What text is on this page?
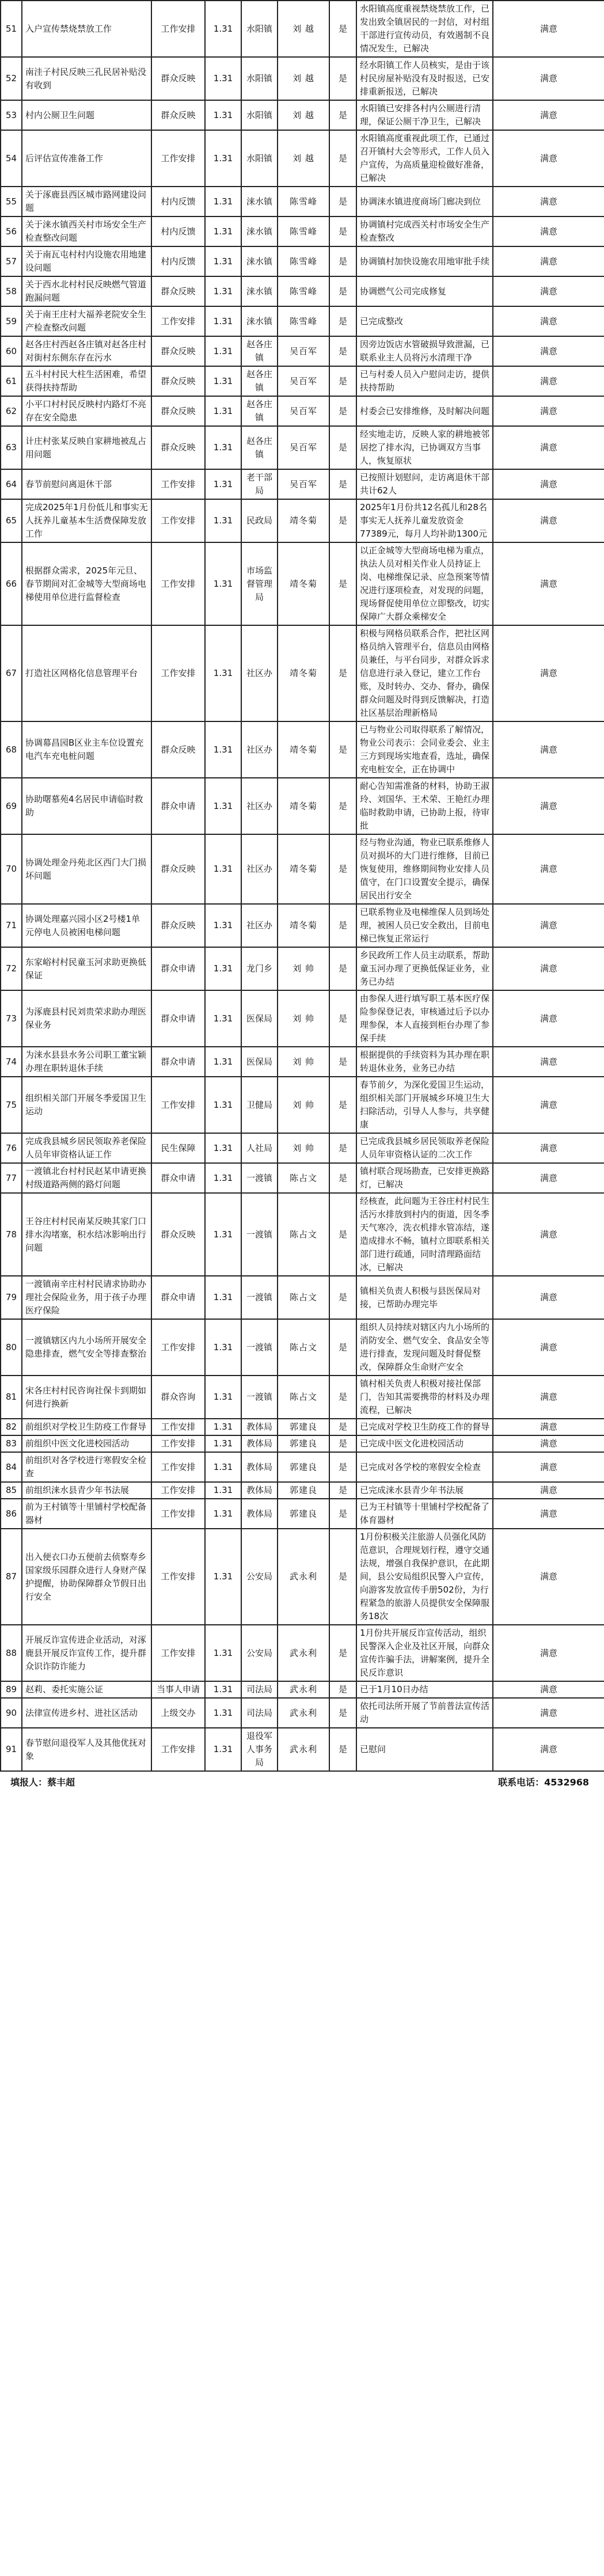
51	入户宣传禁烧禁放工作	工作安排	1.31	水阳镇	刘 越	是	水阳镇高度重视禁烧禁放工作，已发出致全镇居民的一封信，对村组干部进行宣传动员，有效遏制不良情况发生，已解决	满意
52	南洼子村民反映三孔民居补贴没有收到	群众反映	1.31	水阳镇	刘 越	是	经水阳镇工作人员核实，是由于该村民房屋补贴没有及时报送，已安排重新报送，已解决	满意
53	村内公厕卫生问题	群众反映	1.31	水阳镇	刘 越	是	水阳镇已安排各村内公厕进行清理，保证公厕干净卫生，已解决	满意
54	后评估宣传准备工作	工作安排	1.31	水阳镇	刘 越	是	水阳镇高度重视此项工作，已通过召开镇村大会等形式，工作人员入户宣传，为高质量迎检做好准备，已解决	满意
55	关于涿鹿县西区城市路网建设问题	村内反馈	1.31	涞水镇	陈雪峰	是	协调涞水镇进度商场门廊决到位	满意
56	关于涞水镇西关村市场安全生产检查整改问题	村内反馈	1.31	涞水镇	陈雪峰	是	协调镇村完成西关村市场安全生产检查整改	满意
57	关于南瓦屯村村内设施农用地建设问题	村内反馈	1.31	涞水镇	陈雪峰	是	协调镇村加快设施农用地审批手续	满意
58	关于西水北村村民反映燃气管道跑漏问题	群众反映	1.31	涞水镇	陈雪峰	是	协调燃气公司完成修复	满意
59	关于南王庄村大福养老院安全生产检查整改问题	工作安排	1.31	涞水镇	陈雪峰	是	已完成整改	满意
60	赵各庄村西赵各庄镇对赵各庄村对街村东侧东存在污水	群众反映	1.31	赵各庄镇	吴百军	是	因旁边饭店水管破损导致泄漏，已联系业主人员将污水清理干净	满意
61	五斗村村民大柱生活困难，希望获得扶持帮助	群众反映	1.31	赵各庄镇	吴百军	是	已与村委人员入户慰问走访，提供扶持帮助	满意
62	小平口村村民反映村内路灯不亮存在安全隐患	群众反映	1.31	赵各庄镇	吴百军	是	村委会已安排维修，及时解决问题	满意
63	计庄村张某反映自家耕地被乱占用问题	群众反映	1.31	赵各庄镇	吴百军	是	经实地走访，反映人家的耕地被邻居挖了排水沟，已协调双方当事人，恢复原状	满意
64	春节前慰问离退休干部	工作安排	1.31	老干部局	吴百军	是	已按照计划慰问，走访离退休干部共计62人	满意
65	完成2025年1月份低儿和事实无人抚养儿童基本生活费保障发放工作	工作安排	1.31	民政局	靖冬菊	是	2025年1月份共12名孤儿和28名事实无人抚养儿童发放资金77389元，每月人均补助1300元	满意
66	根据群众需求，2025年元旦、春节期间对汇金城等大型商场电梯使用单位进行监督检查	工作安排	1.31	市场监督管理局	靖冬菊	是	以正金城等大型商场电梯为重点，执法人员对相关作业人员持证上岗、电梯维保记录、应急预案等情况进行逐项检查，对发现的问题，现场督促使用单位立即整改，切实保障广大群众乘梯安全	满意
67	打造社区网格化信息管理平台	工作安排	1.31	社区办	靖冬菊	是	积极与网格员联系合作，把社区网格员纳入管理平台，信息员由网格员兼任，与平台同步，对群众诉求信息进行录入登记，建立工作台账，及时转办、交办、督办，确保群众问题及时得到反馈解决，打造社区基层治理新格局	满意
68	协调幕昌园B区业主车位设置充电汽车充电桩问题	群众反映	1.31	社区办	靖冬菊	是	已与物业公司取得联系了解情况，物业公司表示：会同业委会、业主三方到现场实地查看，选址，确保充电桩安全，正在协调中	满意
69	协助曙慕苑4名居民申请临时救助	群众申请	1.31	社区办	靖冬菊	是	耐心告知需准备的材料，协助王淑玲、刘国华、王术荣、王艳红办理临时救助申请，已协助上报，待审批	满意
70	协调处理金丹苑北区西门大门损坏问题	群众反映	1.31	社区办	靖冬菊	是	经与物业沟通，物业已联系维修人员对损坏的大门进行维修，目前已恢复使用，维修期间物业安排人员值守，在门口设置安全提示，确保居民出行安全	满意
71	协调处理嘉兴园小区2号楼1单元停电人员被困电梯问题	群众反映	1.31	社区办	靖冬菊	是	已联系物业及电梯维保人员到场处理，被困人员已安全救出，目前电梯已恢复正常运行	满意
72	东家峪村村民童玉河求助更换低保证	群众申请	1.31	龙门乡	刘 帅	是	乡民政所工作人员主动联系，帮助童玉河办理了更换低保证业务，业务已办结	满意
73	为涿鹿县村民刘贵荣求助办理医保业务	群众申请	1.31	医保局	刘 帅	是	由参保人进行填写职工基本医疗保险参保登记表，审核通过后予以办理参保，本人直接到柜台办理了参保手续	满意
74	为涞水县县水务公司职工董宝颖办理在职转退休手续	群众申请	1.31	医保局	刘 帅	是	根据提供的手续资料为其办理在职转退休业务，业务已办结	满意
75	组织相关部门开展冬季爱国卫生运动	工作安排	1.31	卫健局	刘 帅	是	春节前夕，为深化爱国卫生运动，组织相关部门开展城乡环境卫生大扫除活动，引导人人参与，共享健康	满意
76	完成我县城乡居民领取养老保险人员年审资格认证工作	民生保障	1.31	人社局	刘 帅	是	已完成我县城乡居民领取养老保险人员年审资格认证的二次工作	满意
77	一渡镇北台村村民赵某申请更换村级道路两侧的路灯问题	群众申请	1.31	一渡镇	陈占文	是	镇村联合现场勘查，已安排更换路灯，已解决	满意
78	王谷庄村村民南某反映其家门口排水沟堵塞，积水结冰影响出行问题	群众反映	1.31	一渡镇	陈占文	是	经核查，此问题为王谷庄村村民生活污水排放到村内的街道，因冬季天气寒冷，洗衣机排水管冻结，遂造成排水不畅，镇村立即联系相关部门进行疏通，同时清理路面结冰，已解决	满意
79	一渡镇南辛庄村村民请求协助办理社会保险业务，用于孩子办理医疗保险	群众申请	1.31	一渡镇	陈占文	是	镇相关负责人积极与县医保局对接，已帮助办理完毕	满意
80	一渡镇辖区内九小场所开展安全隐患排查，燃气安全等排查整治	工作安排	1.31	一渡镇	陈占文	是	组织人员持续对辖区内九小场所的消防安全、燃气安全、食品安全等进行排查，发现问题及时督促整改，保障群众生命财产安全	满意
81	宋各庄村村民咨询社保卡到期如何进行换新	群众咨询	1.31	一渡镇	陈占文	是	镇村相关负责人积极对接社保部门，告知其需要携带的材料及办理流程，已解决	满意
82	前组织对学校卫生防疫工作督导	工作安排	1.31	教体局	郭建良	是	已完成对学校卫生防疫工作的督导	满意
83	前组织中医文化进校园活动	工作安排	1.31	教体局	郭建良	是	已完成中医文化进校园活动	满意
84	前组织对各学校进行寒假安全检查	工作安排	1.31	教体局	郭建良	是	已完成对各学校的寒假安全检查	满意
85	前组织涞水县青少年书法展	工作安排	1.31	教体局	郭建良	是	已完成涞水县青少年书法展	满意
86	前为王村镇等十里铺村学校配备器材	工作安排	1.31	教体局	郭建良	是	已为王村镇等十里铺村学校配备了体育器材	满意
87	出入便衣口办五便前去侦察寿乡国家级乐园群众进行人身财产保护提醒，协助保障群众节假日出行安全	工作安排	1.31	公安局	武永利	是	1月份积极关注旅游人员强化风防范意识，合理规划行程，遵守交通法规，增强自我保护意识，在此期间，县公安局组织民警入户宣传，向游客发放宣传手册502份，为行程紧急的旅游人员提供安全保障服务18次	满意
88	开展反诈宣传进企业活动，对涿鹿县开展反诈宣传工作，提升群众识诈防诈能力	工作安排	1.31	公安局	武永利	是	1月份共开展反诈宣传活动，组织民警深入企业及社区开展，向群众宣传诈骗手法，讲解案例，提升全民反诈意识	满意
89	赵莉、委托实施公证	当事人申请	1.31	司法局	武永利	是	已于1月10日办结	满意
90	法律宣传进乡村、进社区活动	上级交办	1.31	司法局	武永利	是	依托司法所开展了节前普法宣传活动	满意
91	春节慰问退役军人及其他优抚对象	工作安排	1.31	退役军人事务局	武永利	是	已慰问	满意
填报人：蔡丰超	联系电话：4532968
